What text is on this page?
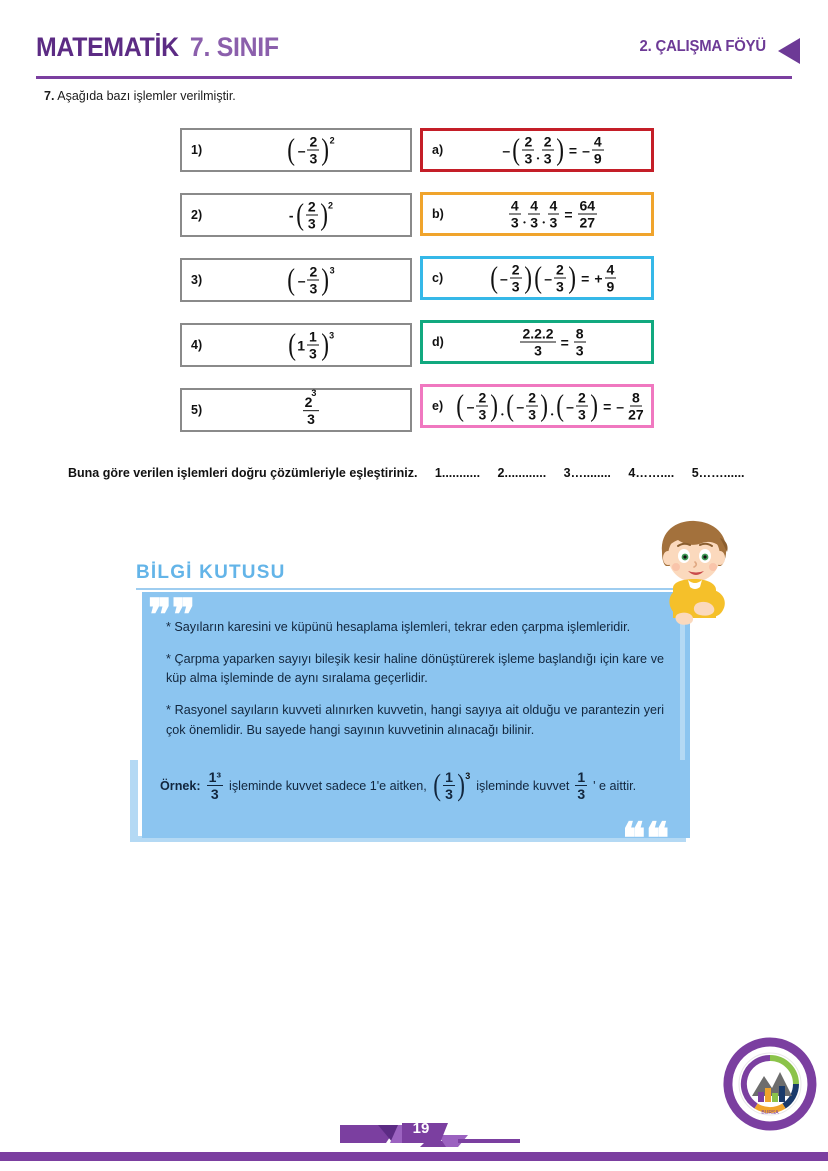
MATEMATİK 7. SINIF	2. ÇALIŞMA FÖYÜ
7. Aşağıda bazı işlemler verilmiştir.
1)	( – $\frac{2}{3}$ ) 2
2)	- ( $\frac{2}{3}$ ) 2
3)	( – $\frac{2}{3}$ ) 3
4)	( $1 \frac{1}{3}$ ) 3
5)	$\frac{2^3}{3}$
a)	– ( $\frac{2}{3}$ . $\frac{2}{3}$ ) = – $\frac{4}{9}$
b)	$\frac{4}{3}$ . $\frac{4}{3}$ . $\frac{4}{3} = \frac{64}{27}$
c) ( – $\frac{2}{3}$ ) ( – $\frac{2}{3}$ ) = + $\frac{4}{9}$
d)	$\frac{2.2.2}{3} = \frac{8}{3}$
e) ( – $\frac{2}{3}$ ) . ( – $\frac{2}{3}$ ) . ( – $\frac{2}{3}$ ) = – $\frac{8}{27}$
Buna göre verilen işlemleri doğru çözümleriyle eşleştiriniz. 1........... 2............ 3…........ 4…….... 5……......
BİLGİ KUTUSU
❞❞
❞❞

* Sayıların karesini ve küpünü hesaplama işlemleri, tekrar eden çarpma işlemleridir.

* Çarpma yaparken sayıyı bileşik kesir haline dönüştürerek işleme başlandığı için kare ve küp alma işleminde de aynı sıralama geçerlidir.

* Rasyonel sayıların kuvveti alınırken kuvvetin, hangi sayıya ait olduğu ve parantezin yeri çok önemlidir. Bu sayede hangi sayının kuvvetinin alınacağı bilinir.

Örnek: $\frac{\text{1³}}{3}$ işleminde kuvvet sadece 1'e aitken, ( $\frac{1}{3}$ ) 3
işleminde kuvvet $\frac{1}{3}$ ' e aittir.
19
BURSA
